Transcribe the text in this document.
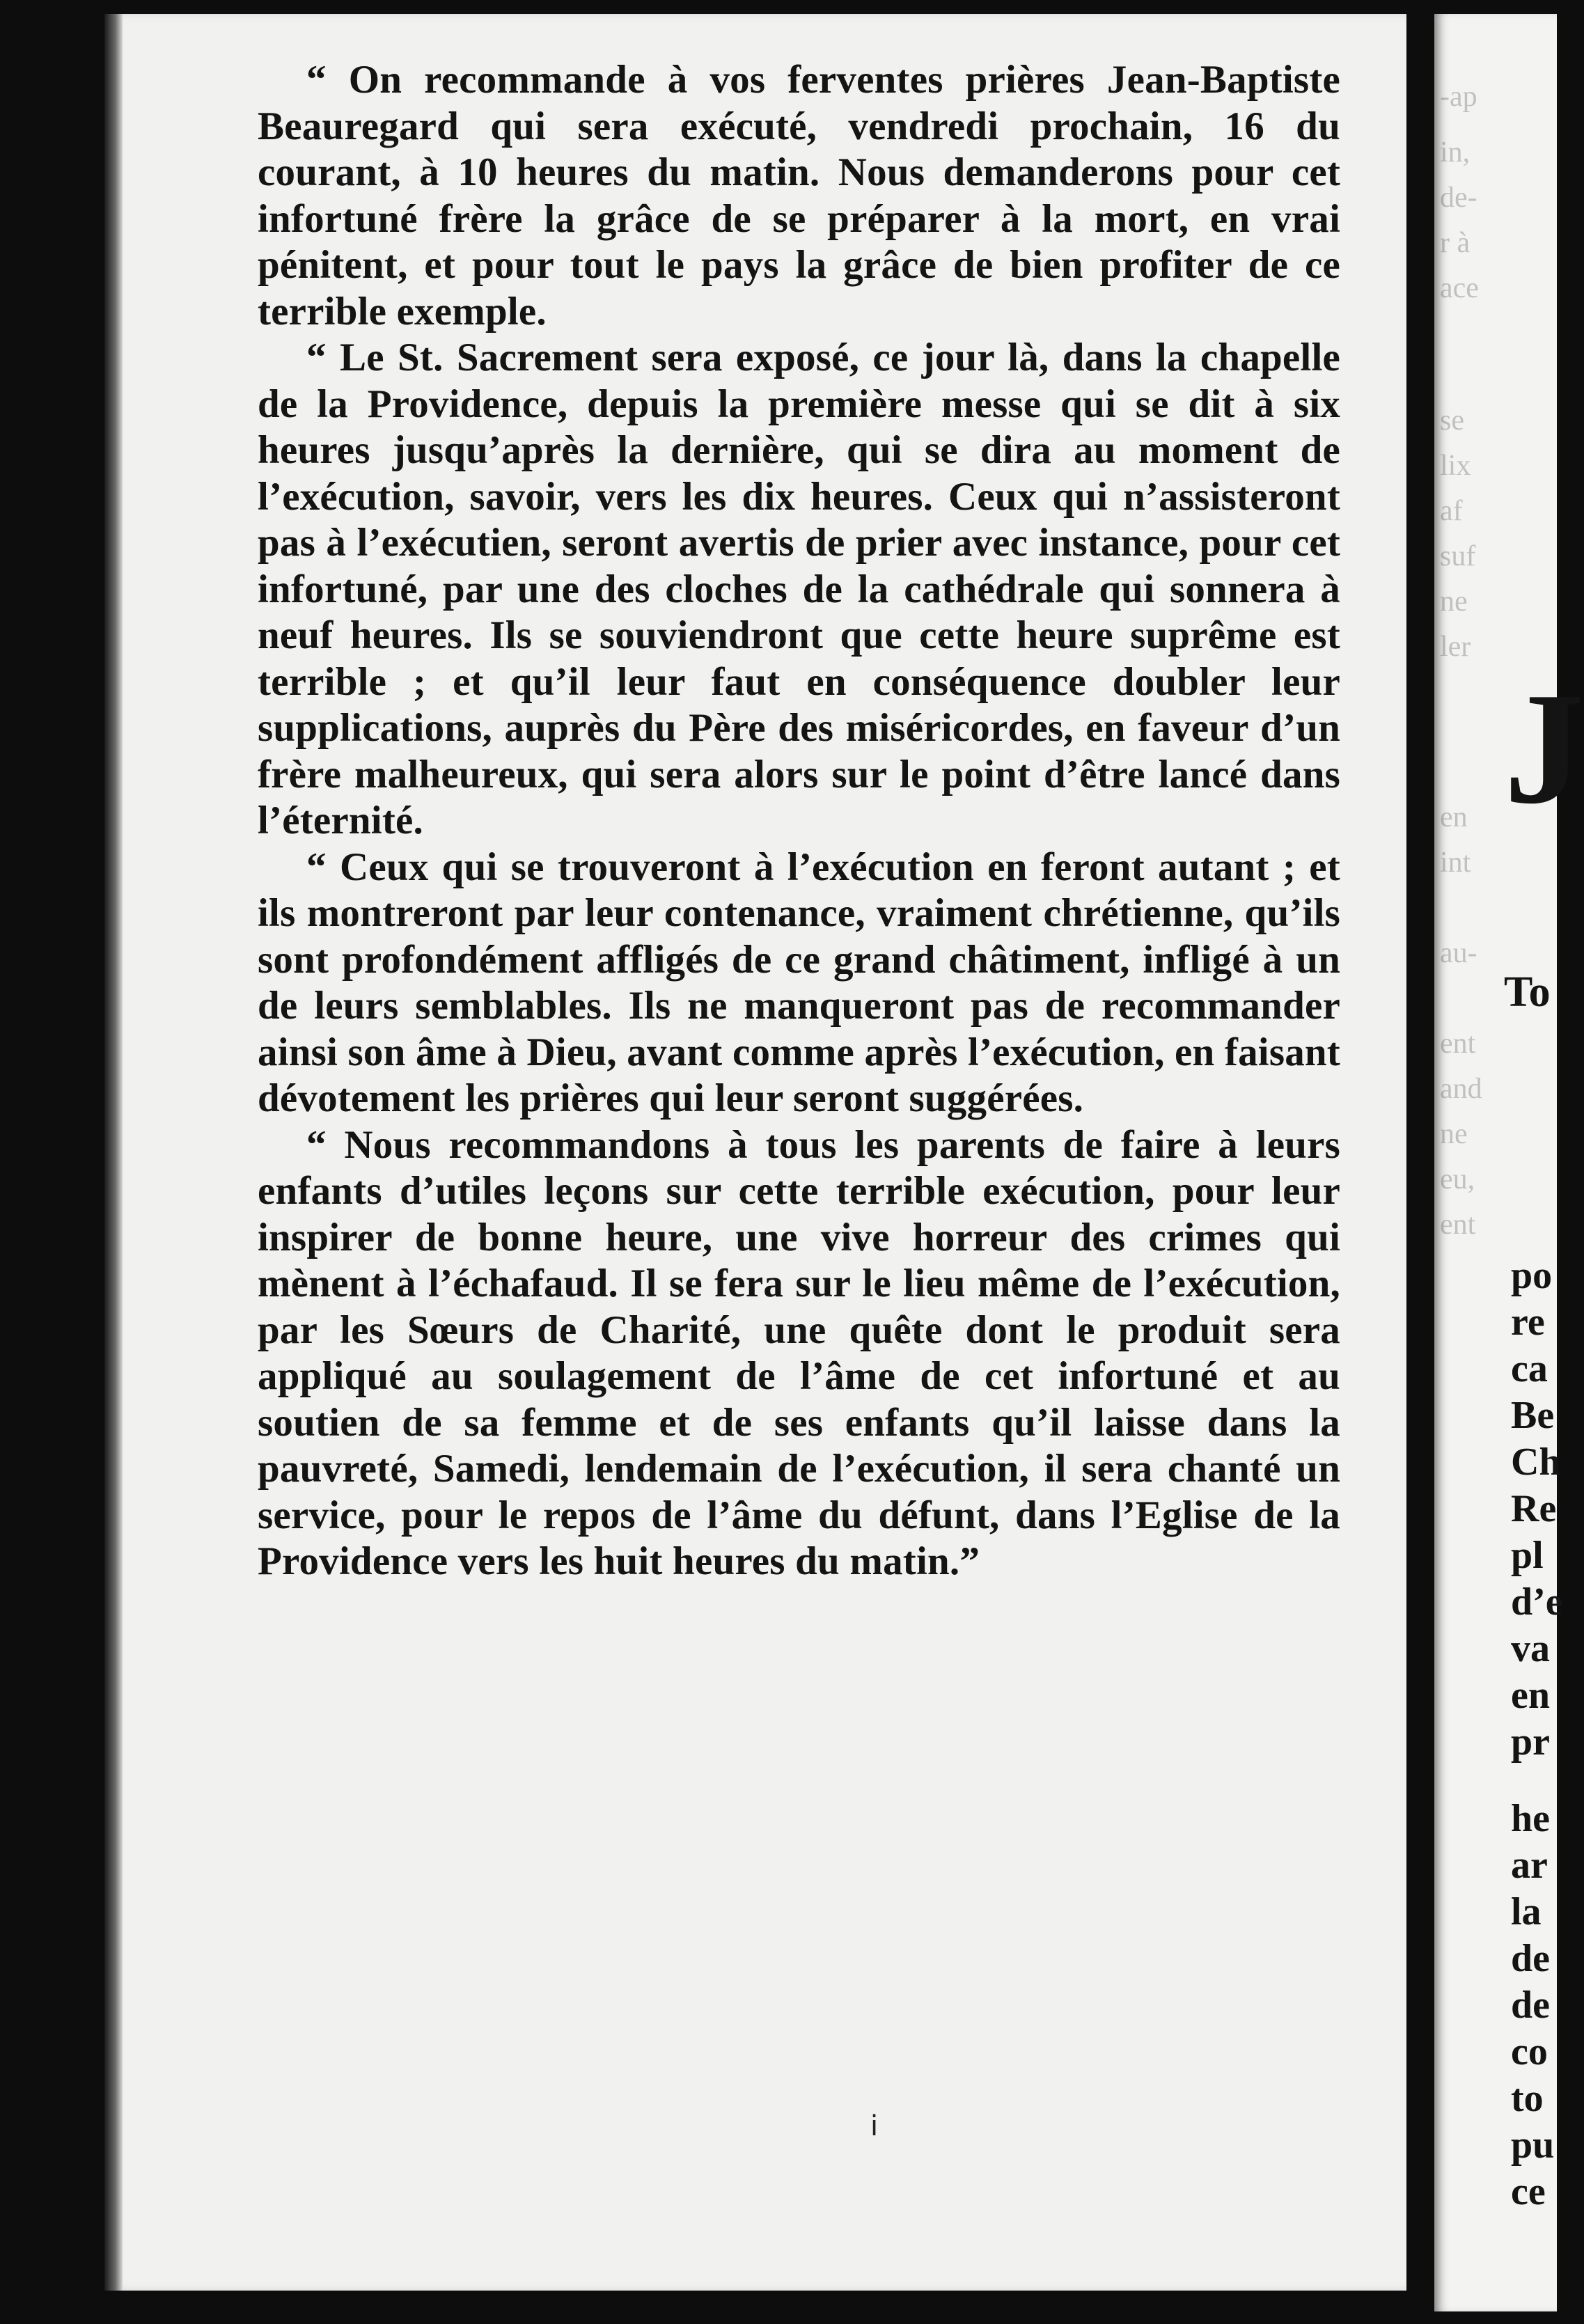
“ On recommande à vos ferventes prières Jean-Baptiste Beauregard qui sera exécuté, vendredi prochain, 16 du courant, à 10 heures du matin. Nous demanderons pour cet infortuné frère la grâce de se préparer à la mort, en vrai pénitent, et pour tout le pays la grâce de bien profiter de ce terrible exemple.

“ Le St. Sacrement sera exposé, ce jour là, dans la chapelle de la Providence, depuis la première messe qui se dit à six heures jusqu’après la dernière, qui se dira au moment de l’exécution, savoir, vers les dix heures. Ceux qui n’assisteront pas à l’exécutien, seront avertis de prier avec instance, pour cet infortuné, par une des cloches de la cathédrale qui sonnera à neuf heures. Ils se souviendront que cette heure suprême est terrible ; et qu’il leur faut en conséquence doubler leur supplications, auprès du Père des miséricordes, en faveur d’un frère malheureux, qui sera alors sur le point d’être lancé dans l’éternité.

“ Ceux qui se trouveront à l’exécution en feront autant ; et ils montreront par leur contenance, vraiment chrétienne, qu’ils sont profondément affligés de ce grand châtiment, infligé à un de leurs semblables. Ils ne manqueront pas de recommander ainsi son âme à Dieu, avant comme après l’exécution, en faisant dévotement les prières qui leur seront suggérées.

“ Nous recommandons à tous les parents de faire à leurs enfants d’utiles leçons sur cette terrible exécution, pour leur inspirer de bonne heure, une vive horreur des crimes qui mènent à l’échafaud. Il se fera sur le lieu même de l’exécution, par les Sœurs de Charité, une quête dont le produit sera appliqué au soulagement de l’âme de cet infortuné et au soutien de sa femme et de ses enfants qu’il laisse dans la pauvreté, Samedi, lendemain de l’exécution, il sera chanté un service, pour le repos de l’âme du défunt, dans l’Eglise de la Providence vers les huit heures du matin.”

ⅰ
-ap
in,
de-
r à
ace
se
lix
af
suf
ne
ler
en
int
J
au-
To
ent
and
ne
eu,
ent
po
re
ca
Be
Ch
Re
pl
d’e
va
en
pr
he
ar
la
de
de
co
to
pu
ce
